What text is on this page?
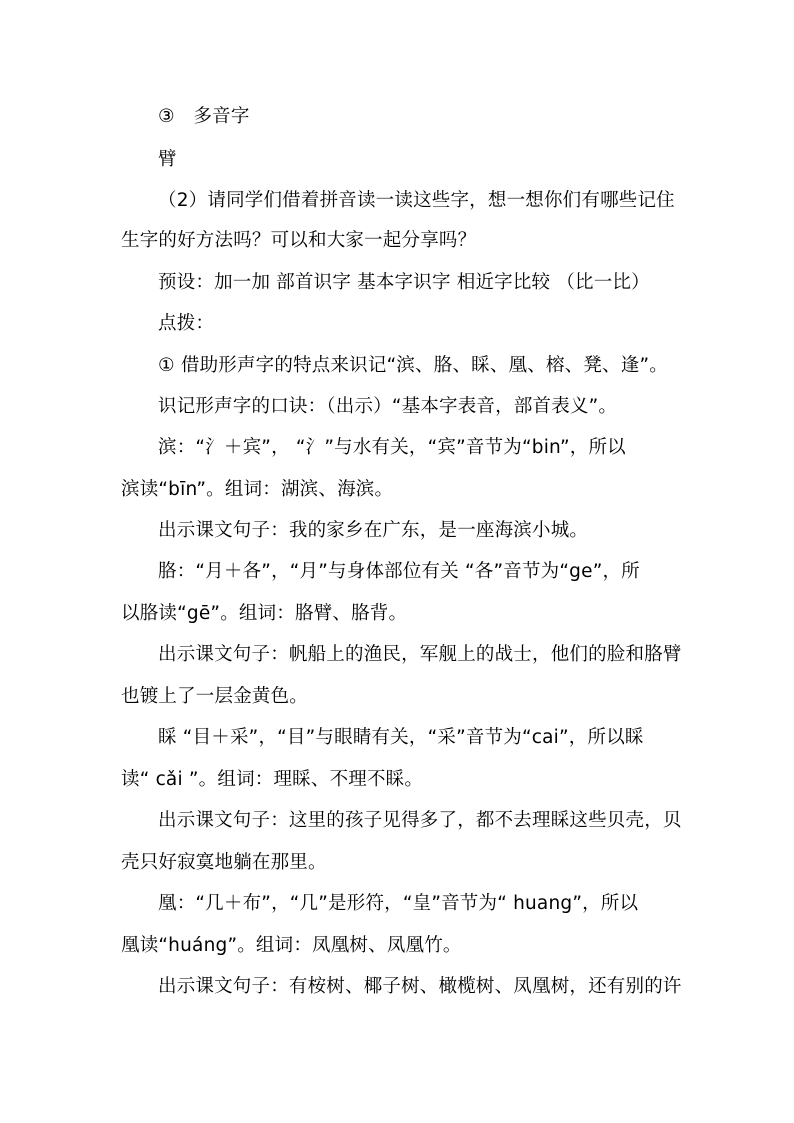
③　多音字
臂
（2）请同学们借着拼音读一读这些字，想一想你们有哪些记住
生字的好方法吗？可以和大家一起分享吗？
预设：加一加 部首识字 基本字识字 相近字比较 （比一比）
点拨：
① 借助形声字的特点来识记“滨、胳、睬、凰、榕、凳、逢”。
识记形声字的口诀：（出示）“基本字表音，部首表义”。
滨：“氵＋宾”， “氵”与水有关，“宾”音节为“bin”，所以
滨读“bīn”。组词：湖滨、海滨。
出示课文句子：我的家乡在广东，是一座海滨小城。
胳：“月＋各”，“月”与身体部位有关 “各”音节为“ge”，所
以胳读“gē”。组词：胳臂、胳背。
出示课文句子：帆船上的渔民，军舰上的战士，他们的脸和胳臂
也镀上了一层金黄色。
睬 “目＋采”，“目”与眼睛有关，“采”音节为“cai”，所以睬
读“ cǎi ”。组词：理睬、不理不睬。
出示课文句子：这里的孩子见得多了，都不去理睬这些贝壳，贝
壳只好寂寞地躺在那里。
凰：“几＋布”，“几”是形符，“皇”音节为“ huang”，所以
凰读“huáng”。组词：凤凰树、凤凰竹。
出示课文句子：有桉树、椰子树、橄榄树、凤凰树，还有别的许
